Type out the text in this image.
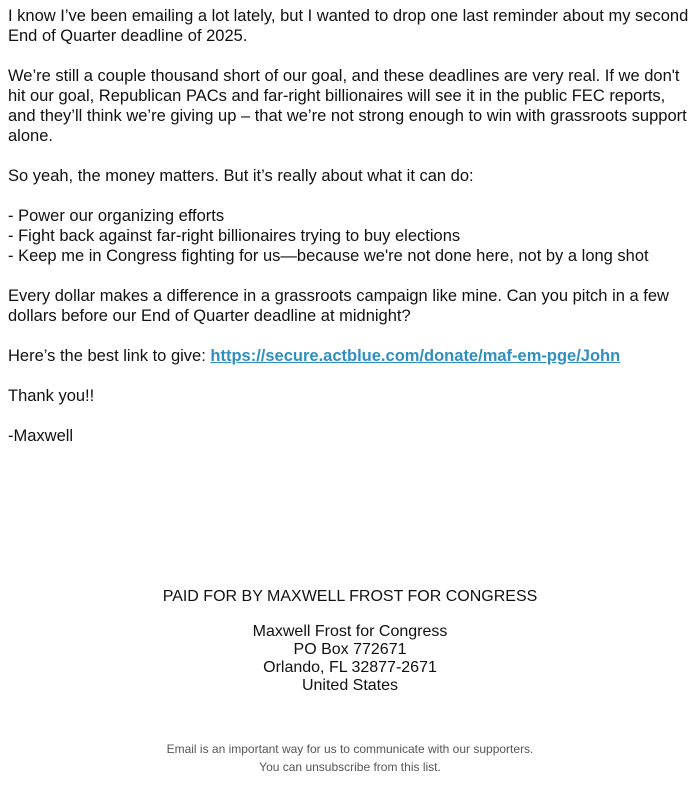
I know I’ve been emailing a lot lately, but I wanted to drop one last reminder about my second End of Quarter deadline of 2025.

We’re still a couple thousand short of our goal, and these deadlines are very real. If we don't hit our goal, Republican PACs and far-right billionaires will see it in the public FEC reports, and they’ll think we’re giving up – that we’re not strong enough to win with grassroots support alone.

So yeah, the money matters. But it’s really about what it can do:

- Power our organizing efforts
- Fight back against far-right billionaires trying to buy elections
- Keep me in Congress fighting for us—because we're not done here, not by a long shot

Every dollar makes a difference in a grassroots campaign like mine. Can you pitch in a few dollars before our End of Quarter deadline at midnight?

Here’s the best link to give: https://secure.actblue.com/donate/maf-em-pge/John

Thank you!!

-Maxwell

PAID FOR BY MAXWELL FROST FOR CONGRESS
Maxwell Frost for Congress
PO Box 772671
Orlando, FL 32877-2671
United States
Email is an important way for us to communicate with our supporters.
You can unsubscribe from this list.
